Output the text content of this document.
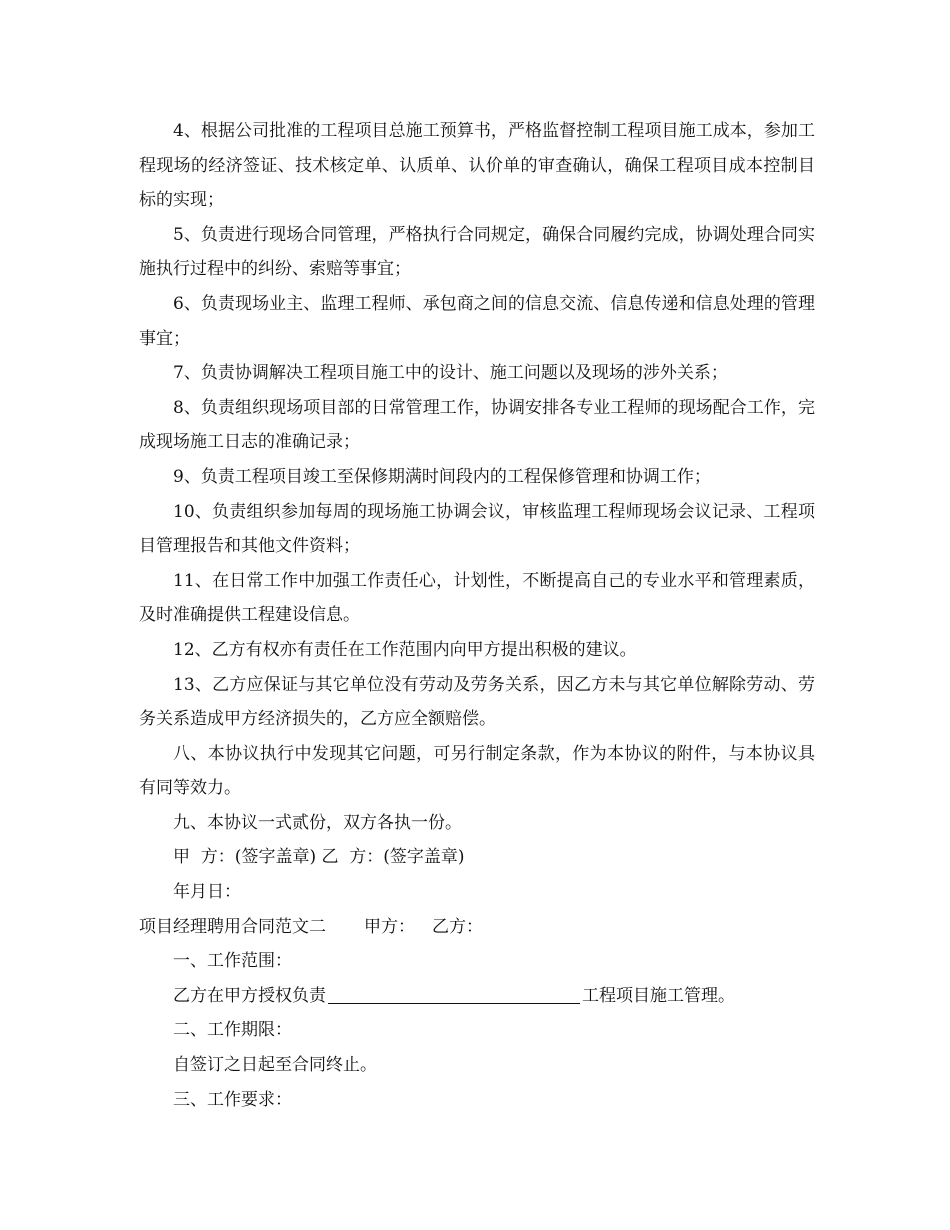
4、根据公司批准的工程项目总施工预算书，严格监督控制工程项目施工成本，参加工程现场的经济签证、技术核定单、认质单、认价单的审查确认，确保工程项目成本控制目标的实现；

5、负责进行现场合同管理，严格执行合同规定，确保合同履约完成，协调处理合同实施执行过程中的纠纷、索赔等事宜；

6、负责现场业主、监理工程师、承包商之间的信息交流、信息传递和信息处理的管理事宜；

7、负责协调解决工程项目施工中的设计、施工问题以及现场的涉外关系；

8、负责组织现场项目部的日常管理工作，协调安排各专业工程师的现场配合工作，完成现场施工日志的准确记录；

9、负责工程项目竣工至保修期满时间段内的工程保修管理和协调工作；

10、负责组织参加每周的现场施工协调会议，审核监理工程师现场会议记录、工程项目管理报告和其他文件资料；

11、在日常工作中加强工作责任心，计划性，不断提高自己的专业水平和管理素质，及时准确提供工程建设信息。

12、乙方有权亦有责任在工作范围内向甲方提出积极的建议。

13、乙方应保证与其它单位没有劳动及劳务关系，因乙方未与其它单位解除劳动、劳务关系造成甲方经济损失的，乙方应全额赔偿。

八、本协议执行中发现其它问题，可另行制定条款，作为本协议的附件，与本协议具有同等效力。

九、本协议一式贰份，双方各执一份。

甲  方：(签字盖章) 乙  方：(签字盖章)

年月日：

项目经理聘用合同范文二 甲方： 乙方：

一、工作范围：

乙方在甲方授权负责	工程项目施工管理。

二、工作期限：

自签订之日起至合同终止。

三、工作要求：
